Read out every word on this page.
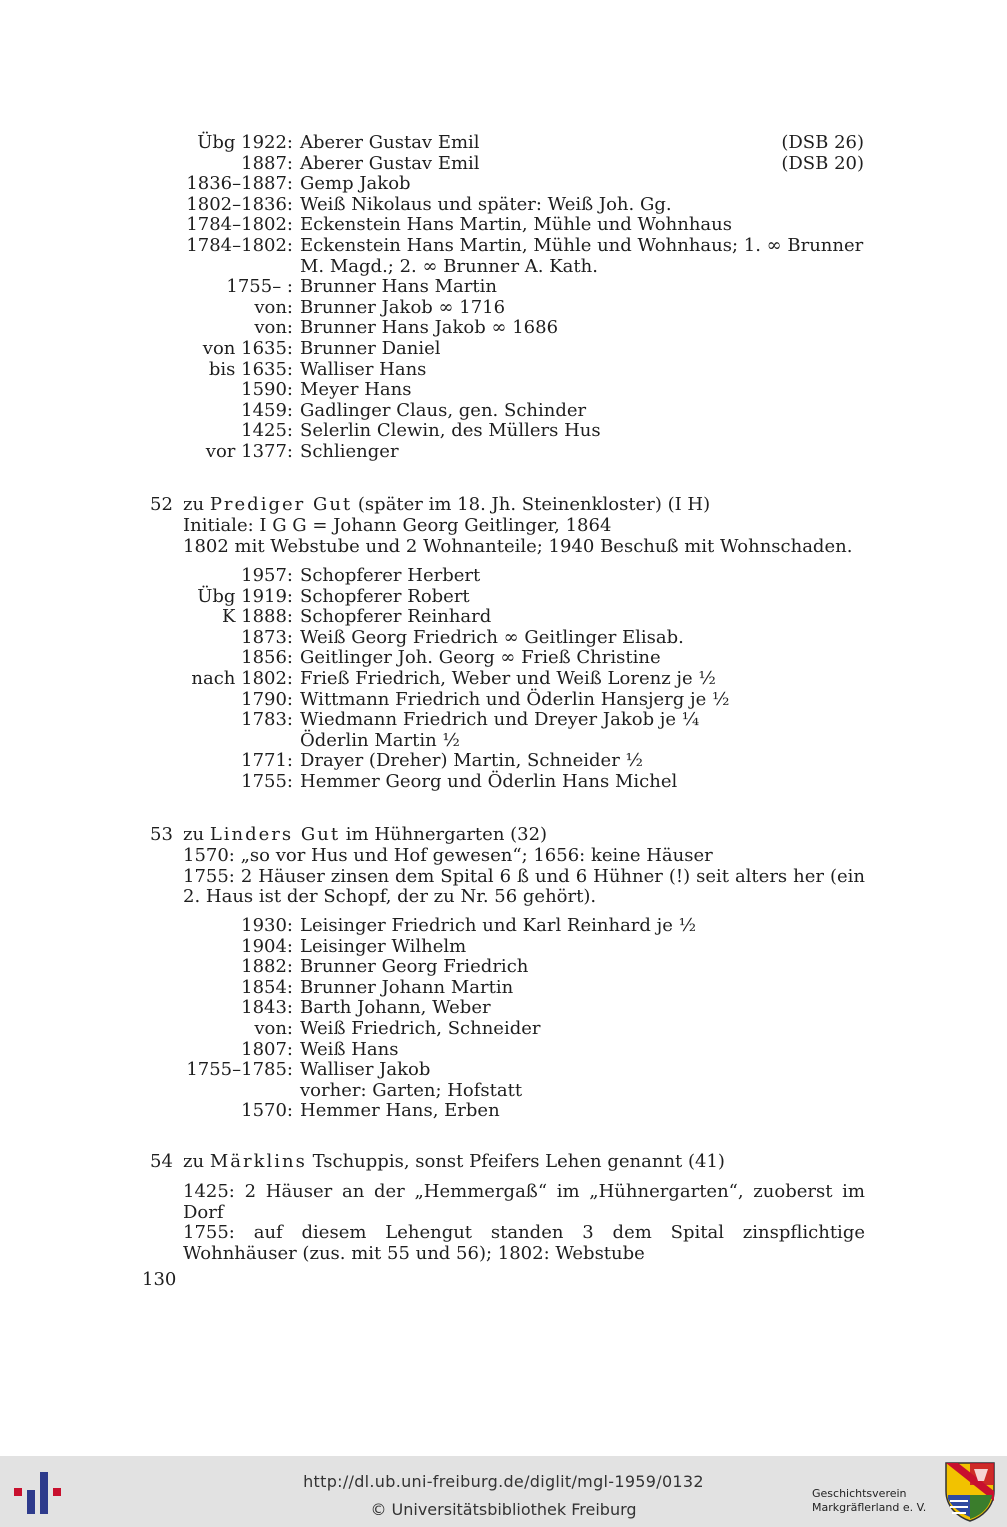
Übg 1922: Aberer Gustav Emil	(DSB 26)
1887: Aberer Gustav Emil	(DSB 20)
1836–1887: Gemp Jakob
1802–1836: Weiß Nikolaus und später: Weiß Joh. Gg.
1784–1802: Eckenstein Hans Martin, Mühle und Wohnhaus
1784–1802: Eckenstein Hans Martin, Mühle und Wohnhaus; 1. ∞ Brunner
M. Magd.; 2. ∞ Brunner A. Kath.
1755– : Brunner Hans Martin
von: Brunner Jakob ∞ 1716
von: Brunner Hans Jakob ∞ 1686
von 1635: Brunner Daniel
bis 1635: Walliser Hans
1590: Meyer Hans
1459: Gadlinger Claus, gen. Schinder
1425: Selerlin Clewin, des Müllers Hus
vor 1377: Schlienger
52 zu Prediger Gut (später im 18. Jh. Steinenkloster) (I H)

Initiale: I G G = Johann Georg Geitlinger, 1864

1802 mit Webstube und 2 Wohnanteile; 1940 Beschuß mit Wohnschaden.

1957: Schopferer Herbert
Übg 1919: Schopferer Robert
K 1888: Schopferer Reinhard
1873: Weiß Georg Friedrich ∞ Geitlinger Elisab.
1856: Geitlinger Joh. Georg ∞ Frieß Christine
nach 1802: Frieß Friedrich, Weber und Weiß Lorenz je ½
1790: Wittmann Friedrich und Öderlin Hansjerg je ½
1783: Wiedmann Friedrich und Dreyer Jakob je ¼
Öderlin Martin ½
1771: Drayer (Dreher) Martin, Schneider ½
1755: Hemmer Georg und Öderlin Hans Michel
53 zu Linders Gut im Hühnergarten (32)

1570: „so vor Hus und Hof gewesen“; 1656: keine Häuser

1755: 2 Häuser zinsen dem Spital 6 ß und 6 Hühner (!) seit alters her (ein 2. Haus ist der Schopf, der zu Nr. 56 gehört).

1930: Leisinger Friedrich und Karl Reinhard je ½
1904: Leisinger Wilhelm
1882: Brunner Georg Friedrich
1854: Brunner Johann Martin
1843: Barth Johann, Weber
von: Weiß Friedrich, Schneider
1807: Weiß Hans
1755–1785: Walliser Jakob
vorher: Garten; Hofstatt
1570: Hemmer Hans, Erben
54 zu Märklins Tschuppis, sonst Pfeifers Lehen genannt (41)

1425: 2 Häuser an der „Hemmergaß“ im „Hühnergarten“, zuoberst im Dorf

1755: auf diesem Lehengut standen 3 dem Spital zinspflichtige Wohnhäuser (zus. mit 55 und 56); 1802: Webstube

130
http://dl.ub.uni-freiburg.de/diglit/mgl-1959/0132
© Universitätsbibliothek Freiburg
Geschichtsverein
Markgräflerland e. V.
